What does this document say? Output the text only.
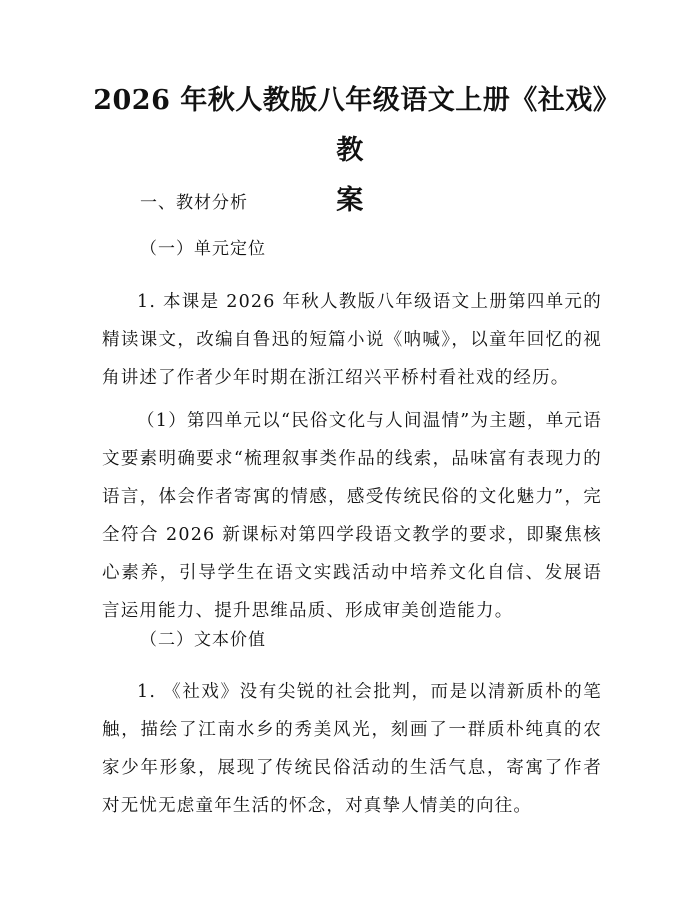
2026 年秋人教版八年级语文上册《社戏》教
案

一、教材分析

（一）单元定位

1. 本课是 2026 年秋人教版八年级语文上册第四单元的精读课文，改编自鲁迅的短篇小说《呐喊》，以童年回忆的视角讲述了作者少年时期在浙江绍兴平桥村看社戏的经历。

（1）第四单元以“民俗文化与人间温情”为主题，单元语文要素明确要求“梳理叙事类作品的线索，品味富有表现力的语言，体会作者寄寓的情感，感受传统民俗的文化魅力”，完全符合 2026 新课标对第四学段语文教学的要求，即聚焦核心素养，引导学生在语文实践活动中培养文化自信、发展语言运用能力、提升思维品质、形成审美创造能力。

（二）文本价值

1. 《社戏》没有尖锐的社会批判，而是以清新质朴的笔触，描绘了江南水乡的秀美风光，刻画了一群质朴纯真的农家少年形象，展现了传统民俗活动的生活气息，寄寓了作者对无忧无虑童年生活的怀念，对真挚人情美的向往。
